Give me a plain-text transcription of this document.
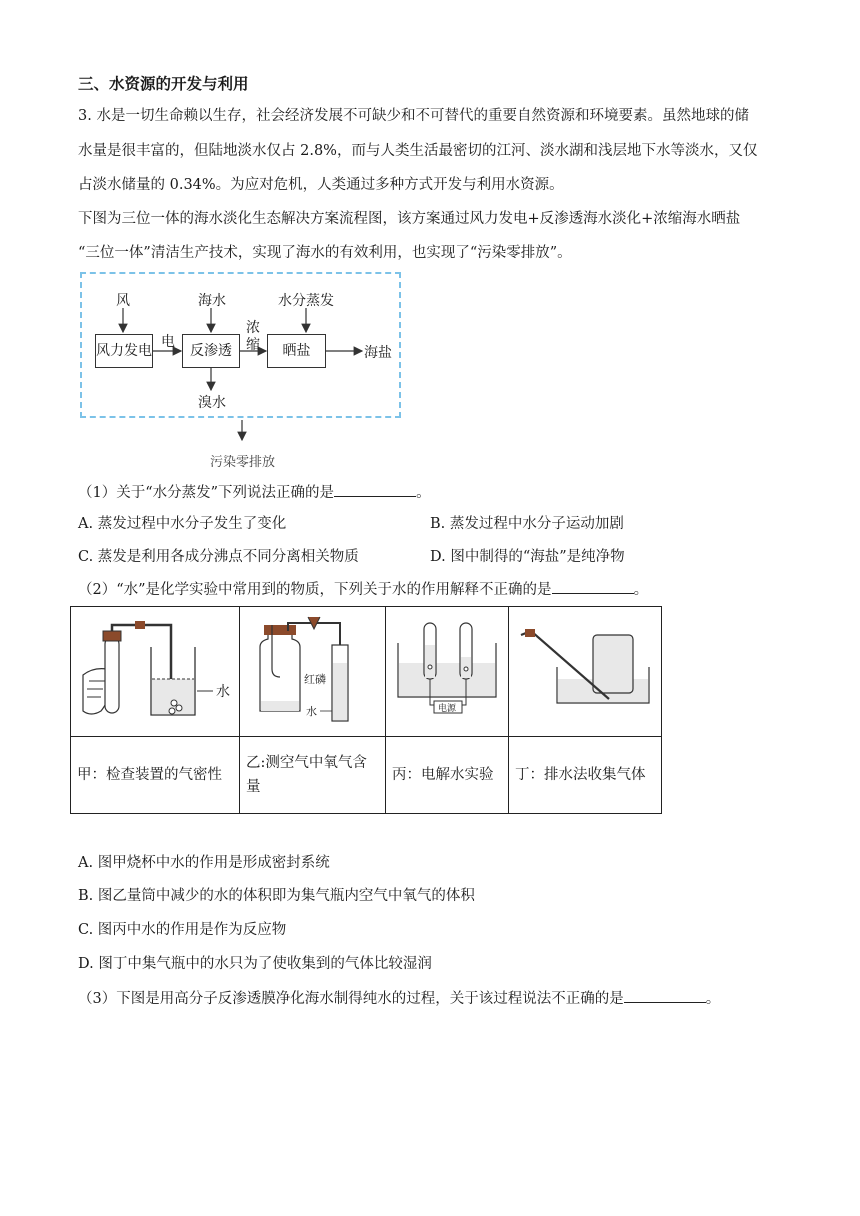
三、水资源的开发与利用
3. 水是一切生命赖以生存，社会经济发展不可缺少和不可替代的重要自然资源和环境要素。虽然地球的储
水量是很丰富的，但陆地淡水仅占 2.8%，而与人类生活最密切的江河、淡水湖和浅层地下水等淡水，又仅
占淡水储量的 0.34%。为应对危机，人类通过多种方式开发与利用水资源。
下图为三位一体的海水淡化生态解决方案流程图，该方案通过风力发电+反渗透海水淡化+浓缩海水晒盐
“三位一体”清洁生产技术，实现了海水的有效利用，也实现了“污染零排放”。
风	海水	水分蒸发
风力发电	反渗透	晒盐
电
浓缩	海盐
溴水
污染零排放
（1）关于“水分蒸发”下列说法正确的是	。
A. 蒸发过程中水分子发生了变化	B. 蒸发过程中水分子运动加剧
C. 蒸发是利用各成分沸点不同分离相关物质	D. 图中制得的“海盐”是纯净物
（2）“水”是化学实验中常用到的物质，下列关于水的作用解释不正确的是	。
水	红磷
水	电源

甲：检查装置的气密性	乙:测空气中氧气含
量	丙：电解水实验	丁：排水法收集气体
A. 图甲烧杯中水的作用是形成密封系统
B. 图乙量筒中减少的水的体积即为集气瓶内空气中氧气的体积
C. 图丙中水的作用是作为反应物
D. 图丁中集气瓶中的水只为了使收集到的气体比较湿润
（3）下图是用高分子反渗透膜净化海水制得纯水的过程，关于该过程说法不正确的是	。
